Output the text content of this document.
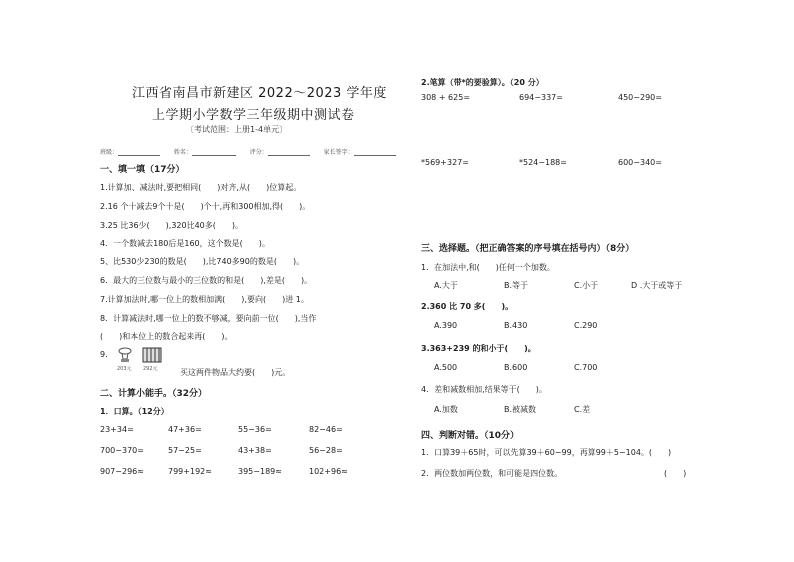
江西省南昌市新建区 2022～2023 学年度
上学期小学数学三年级期中测试卷
〔考试范围：上册1-4单元〕
班级：	姓名：	评分：	家长签字：
一、填一填（17分）
1.计算加、减法时,要把相同(　　)对齐,从(　　)位算起。
2.16 个十减去9个十是(　　)个十,再和300相加,得(　　)。
3.25 比36少(　　),320比40多(　　)。
4．一个数减去180后是160，这个数是(　　)。
5、比530少230的数是(　　),比740多90的数是(　　)。
6．最大的三位数与最小的三位数的和是(　　),差是(　　)。
7.计算加法时,哪一位上的数相加满(　　),要向(　　)进 1。
8．计算减法时,哪一位上的数不够减，要向前一位(　　),当作
(　　)和本位上的数合起来再(　　)。
9.
203元 292元	买这两件物品大约要(　　)元。
二、计算小能手。（32分）
1．口算。（12分）
23+34=	47+36=	55−36=	82−46=
700−370=	57−25=	43+38=	56−28=
907−296≈	799+192≈	395−189≈	102+96≈
2.笔算（带*的要验算）。（20 分）
308 + 625=	694−337=	450−290=
*569+327=	*524−188=	600−340=
三、选择题。（把正确答案的序号填在括号内）（8分）
1．在加法中,和(　　)任何一个加数。
A.大于	B.等于	C.小于	D .大于或等于
2.360 比 70 多(　　)。
A.390	B.430	C.290
3.363+239 的和小于(　　)。
A.500	B.600	C.700
4．差和减数相加,结果等于(　　)。
A.加数	B.被减数	C.差
四、判断对错。（10分）
1．口算39＋65时，可以先算39＋60−99，再算99＋5−104。(　　)
2．两位数加两位数，和可能是四位数。	(　　)
